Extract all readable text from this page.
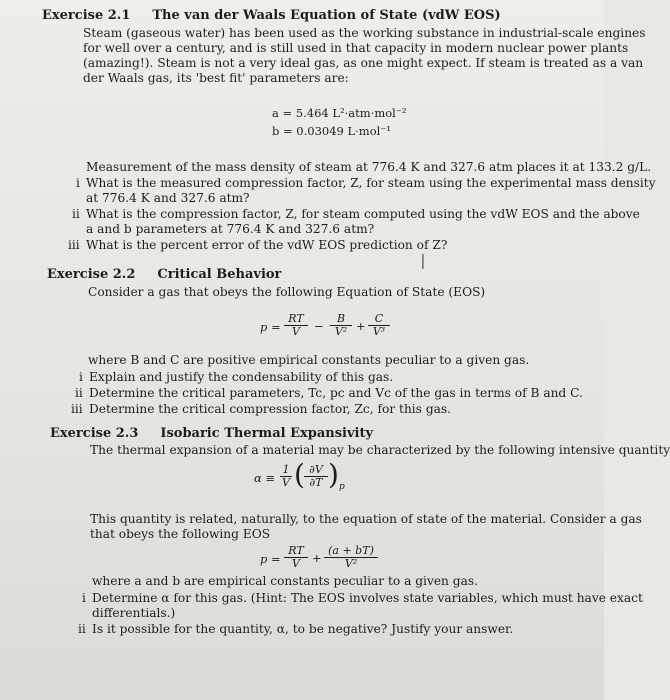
Exercise 2.1 The van der Waals Equation of State (vdW EOS)
Steam (gaseous water) has been used as the working substance in industrial-scale engines
for well over a century, and is still used in that capacity in modern nuclear power plants
(amazing!). Steam is not a very ideal gas, as one might expect. If steam is treated as a van
der Waals gas, its 'best fit' parameters are:
a = 5.464 L²·atm·mol⁻²
b = 0.03049 L·mol⁻¹
Measurement of the mass density of steam at 776.4 K and 327.6 atm places it at 133.2 g/L.
i What is the measured compression factor, Z, for steam using the experimental mass density
at 776.4 K and 327.6 atm?
ii What is the compression factor, Z, for steam computed using the vdW EOS and the above
a and b parameters at 776.4 K and 327.6 atm?
iii What is the percent error of the vdW EOS prediction of Z?
I
Exercise 2.2 Critical Behavior
Consider a gas that obeys the following Equation of State (EOS)
$p = \frac{RT}{V} - \frac{B}{\text{V²}} + \frac{C}{\text{V³}}$
where B and C are positive empirical constants peculiar to a given gas.
i Explain and justify the condensability of this gas.
ii Determine the critical parameters, Tc, pc and Vc of the gas in terms of B and C.
iii Determine the critical compression factor, Zc, for this gas.
Exercise 2.3 Isobaric Thermal Expansivity
The thermal expansion of a material may be characterized by the following intensive quantity
$\alpha \equiv \frac{1}{V}$ ( $\frac{\partial V}{\partial T}$ ) p
This quantity is related, naturally, to the equation of state of the material. Consider a gas
that obeys the following EOS
$p = \frac{RT}{V} + \frac{(a + bT)}{\text{V²}}$
where a and b are empirical constants peculiar to a given gas.
i Determine α for this gas. (Hint: The EOS involves state variables, which must have exact
differentials.)
ii Is it possible for the quantity, α, to be negative? Justify your answer.
